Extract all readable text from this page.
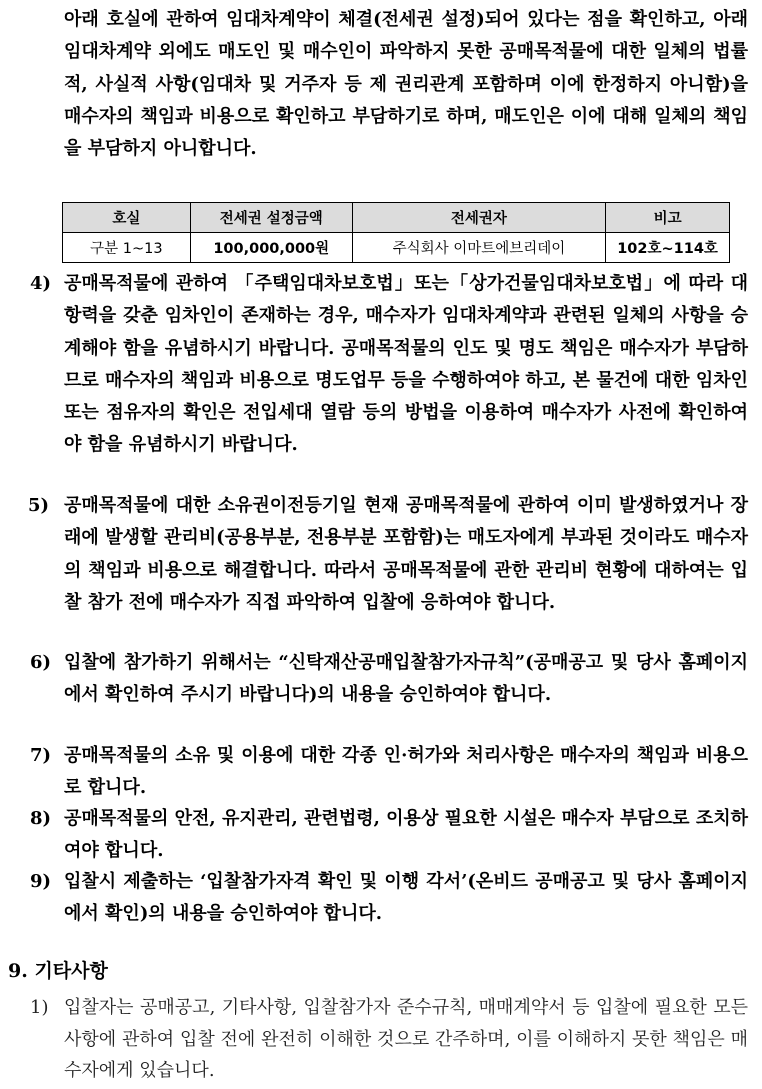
아래 호실에 관하여 임대차계약이 체결(전세권 설정)되어 있다는 점을 확인하고, 아래 임대차계약 외에도 매도인 및 매수인이 파악하지 못한 공매목적물에 대한 일체의 법률적, 사실적 사항(임대차 및 거주자 등 제 권리관계 포함하며 이에 한정하지 아니함)을 매수자의 책임과 비용으로 확인하고 부담하기로 하며, 매도인은 이에 대해 일체의 책임을 부담하지 아니합니다.

호실	전세권 설정금액	전세권자	비고
구분 1~13	100,000,000원	주식회사 이마트에브리데이	102호~114호
4) 공매목적물에 관하여 「주택임대차보호법」또는「상가건물임대차보호법」에 따라 대항력을 갖춘 임차인이 존재하는 경우, 매수자가 임대차계약과 관련된 일체의 사항을 승계해야 함을 유념하시기 바랍니다. 공매목적물의 인도 및 명도 책임은 매수자가 부담하므로 매수자의 책임과 비용으로 명도업무 등을 수행하여야 하고, 본 물건에 대한 임차인 또는 점유자의 확인은 전입세대 열람 등의 방법을 이용하여 매수자가 사전에 확인하여야 함을 유념하시기 바랍니다.
5) 공매목적물에 대한 소유권이전등기일 현재 공매목적물에 관하여 이미 발생하였거나 장래에 발생할 관리비(공용부분, 전용부분 포함함)는 매도자에게 부과된 것이라도 매수자의 책임과 비용으로 해결합니다. 따라서 공매목적물에 관한 관리비 현황에 대하여는 입찰 참가 전에 매수자가 직접 파악하여 입찰에 응하여야 합니다.
6) 입찰에 참가하기 위해서는 “신탁재산공매입찰참가자규칙”(공매공고 및 당사 홈페이지에서 확인하여 주시기 바랍니다)의 내용을 승인하여야 합니다.
7) 공매목적물의 소유 및 이용에 대한 각종 인·허가와 처리사항은 매수자의 책임과 비용으로 합니다.
8) 공매목적물의 안전, 유지관리, 관련법령, 이용상 필요한 시설은 매수자 부담으로 조치하여야 합니다.
9) 입찰시 제출하는 ‘입찰참가자격 확인 및 이행 각서’(온비드 공매공고 및 당사 홈페이지에서 확인)의 내용을 승인하여야 합니다.
9. 기타사항
1) 입찰자는 공매공고, 기타사항, 입찰참가자 준수규칙, 매매계약서 등 입찰에 필요한 모든 사항에 관하여 입찰 전에 완전히 이해한 것으로 간주하며, 이를 이해하지 못한 책임은 매수자에게 있습니다.
